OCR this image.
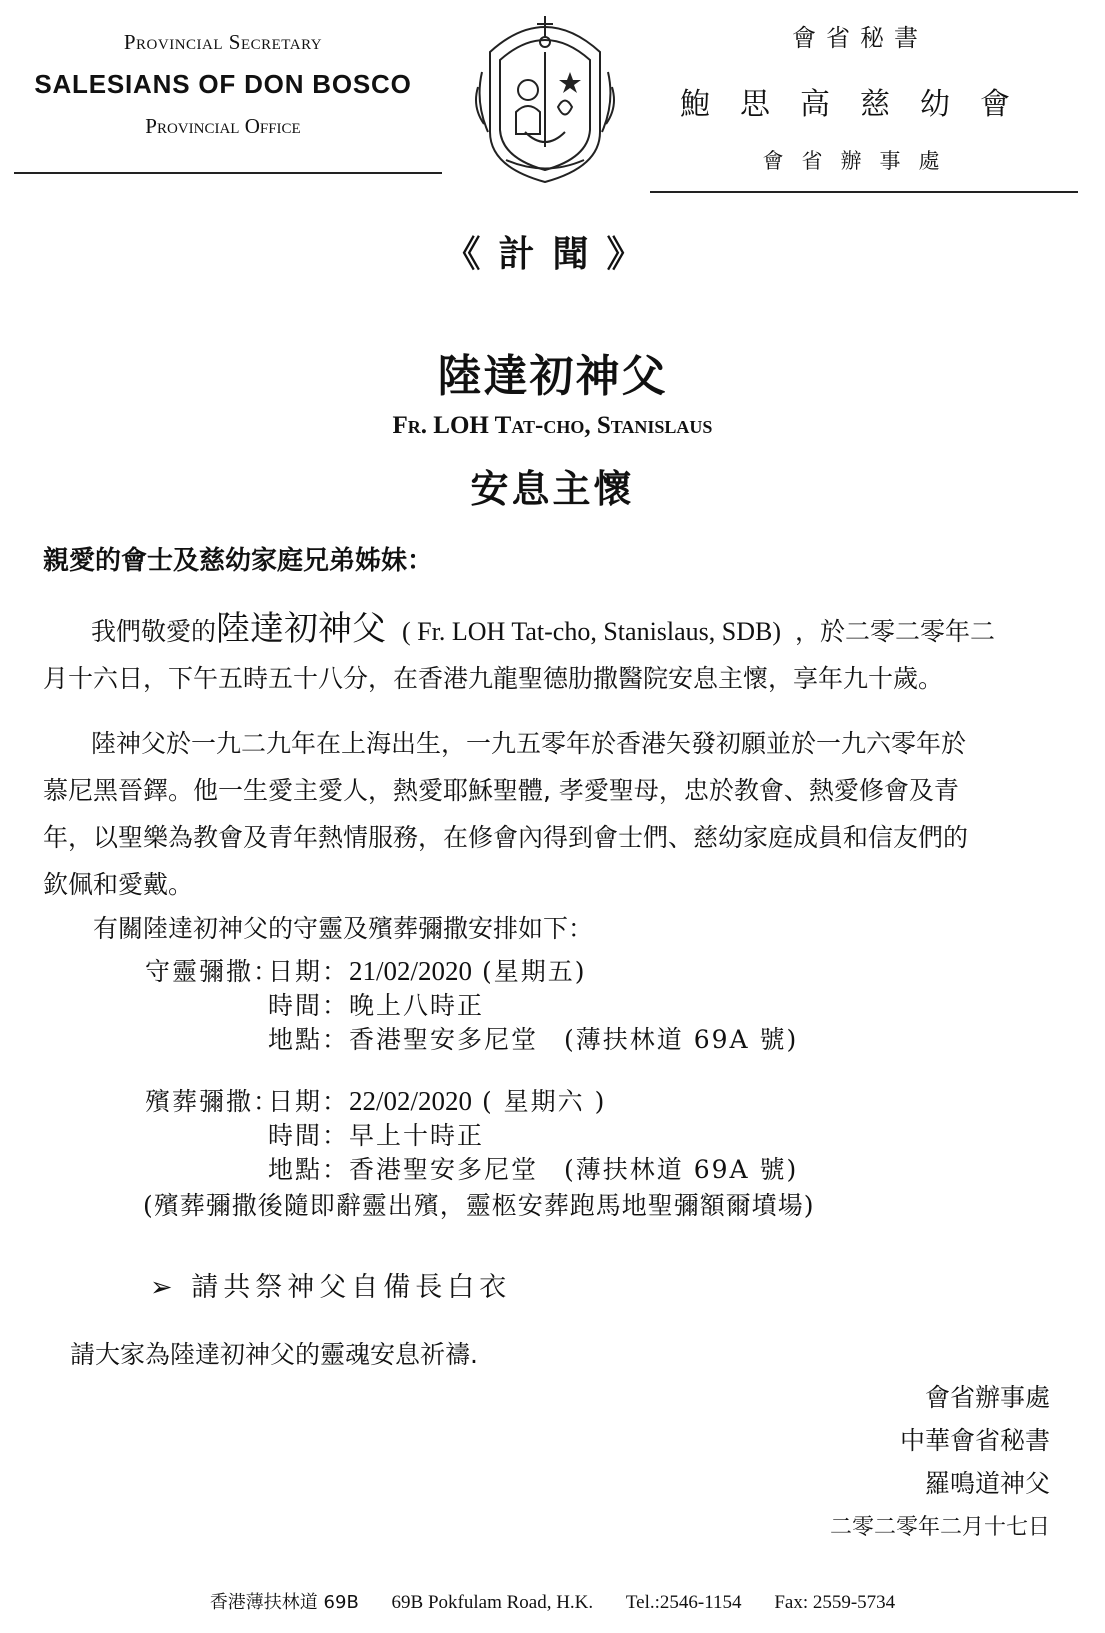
Provincial Secretary
SALESIANS OF DON BOSCO
Provincial Office
會省秘書
鮑思高慈幼會
會省辦事處
《計聞》
陸達初神父
Fr. LOH Tat-cho, Stanislaus
安息主懷
親愛的會士及慈幼家庭兄弟姊妹：
我們敬愛的陸達初神父 ( Fr. LOH Tat-cho, Stanislaus, SDB) ，於二零二零年二
月十六日，下午五時五十八分，在香港九龍聖德肋撒醫院安息主懷，享年九十歲。
陸神父於一九二九年在上海出生，一九五零年於香港矢發初願並於一九六零年於
慕尼黑晉鐸。他一生愛主愛人，熱愛耶穌聖體, 孝愛聖母，忠於教會、熱愛修會及青
年，以聖樂為教會及青年熱情服務，在修會內得到會士們、慈幼家庭成員和信友們的
欽佩和愛戴。
有關陸達初神父的守靈及殯葬彌撒安排如下：
守靈彌撒：
日期：21/02/2020 (星期五)
時間：晚上八時正
地點：香港聖安多尼堂 (薄扶林道 69A 號)
殯葬彌撒：
日期：22/02/2020 ( 星期六 )
時間：早上十時正
地點：香港聖安多尼堂 (薄扶林道 69A 號)
(殯葬彌撒後隨即辭靈出殯，靈柩安葬跑馬地聖彌額爾墳場)
➢ 請共祭神父自備長白衣
請大家為陸達初神父的靈魂安息祈禱.
會省辦事處
中華會省秘書
羅鳴道神父
二零二零年二月十七日
香港薄扶林道 69B 69B Pokfulam Road, H.K. Tel.:2546-1154 Fax: 2559-5734
